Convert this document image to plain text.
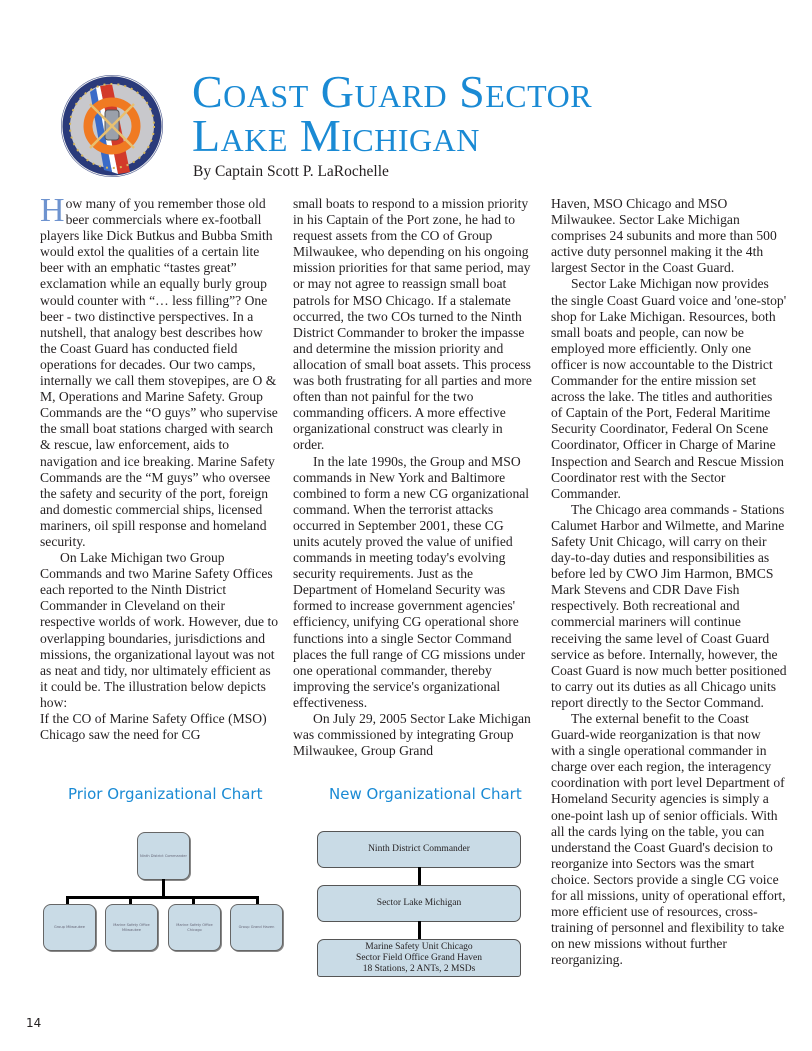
Coast Guard Sector
Lake Michigan
By Captain Scott P. LaRochelle

How many of you remember those old beer commercials where ex-football players like Dick Butkus and Bubba Smith would extol the qualities of a certain lite beer with an emphatic “tastes great” exclamation while an equally burly group would counter with “… less filling”? One beer - two distinctive perspectives. In a nutshell, that analogy best describes how the Coast Guard has conducted field operations for decades. Our two camps, internally we call them stovepipes, are O & M, Operations and Marine Safety. Group Commands are the “O guys” who supervise the small boat stations charged with search & rescue, law enforcement, aids to navigation and ice breaking. Marine Safety Commands are the “M guys” who oversee the safety and security of the port, foreign and domestic commercial ships, licensed mariners, oil spill response and homeland security.

On Lake Michigan two Group Commands and two Marine Safety Offices each reported to the Ninth District Commander in Cleveland on their respective worlds of work. However, due to overlapping boundaries, jurisdictions and missions, the organizational layout was not as neat and tidy, nor ultimately efficient as it could be. The illustration below depicts how:

If the CO of Marine Safety Office (MSO) Chicago saw the need for CG

small boats to respond to a mission priority in his Captain of the Port zone, he had to request assets from the CO of Group Milwaukee, who depending on his ongoing mission priorities for that same period, may or may not agree to reassign small boat patrols for MSO Chicago. If a stalemate occurred, the two COs turned to the Ninth District Commander to broker the impasse and determine the mission priority and allocation of small boat assets. This process was both frustrating for all parties and more often than not painful for the two commanding officers. A more effective organizational construct was clearly in order.

In the late 1990s, the Group and MSO commands in New York and Baltimore combined to form a new CG organizational command. When the terrorist attacks occurred in September 2001, these CG units acutely proved the value of unified commands in meeting today's evolving security requirements. Just as the Department of Homeland Security was formed to increase government agencies' efficiency, unifying CG operational shore functions into a single Sector Command places the full range of CG missions under one operational commander, thereby improving the service's organizational effectiveness.

On July 29, 2005 Sector Lake Michigan was commissioned by integrating Group Milwaukee, Group Grand

Haven, MSO Chicago and MSO Milwaukee. Sector Lake Michigan comprises 24 subunits and more than 500 active duty personnel making it the 4th largest Sector in the Coast Guard.

Sector Lake Michigan now provides the single Coast Guard voice and 'one-stop' shop for Lake Michigan. Resources, both small boats and people, can now be employed more efficiently. Only one officer is now accountable to the District Commander for the entire mission set across the lake. The titles and authorities of Captain of the Port, Federal Maritime Security Coordinator, Federal On Scene Coordinator, Officer in Charge of Marine Inspection and Search and Rescue Mission Coordinator rest with the Sector Commander.

The Chicago area commands - Stations Calumet Harbor and Wilmette, and Marine Safety Unit Chicago, will carry on their day-to-day duties and responsibilities as before led by CWO Jim Harmon, BMCS Mark Stevens and CDR Dave Fish respectively. Both recreational and commercial mariners will continue receiving the same level of Coast Guard service as before. Internally, however, the Coast Guard is now much better positioned to carry out its duties as all Chicago units report directly to the Sector Command.

The external benefit to the Coast Guard-wide reorganization is that now with a single operational commander in charge over each region, the interagency coordination with port level Department of Homeland Security agencies is simply a one-point lash up of senior officials. With all the cards lying on the table, you can understand the Coast Guard's decision to reorganize into Sectors was the smart choice. Sectors provide a single CG voice for all missions, unity of operational effort, more efficient use of resources, cross-training of personnel and flexibility to take on new missions without further reorganizing.

Prior Organizational Chart
Ninth District Commander
Group Milwaukee
Marine Safety Office
Milwaukee
Marine Safety Office
Chicago
Group Grand Haven
New Organizational Chart
Ninth District Commander
Sector Lake Michigan
Marine Safety Unit Chicago
Sector Field Office Grand Haven
18 Stations, 2 ANTs, 2 MSDs
14
